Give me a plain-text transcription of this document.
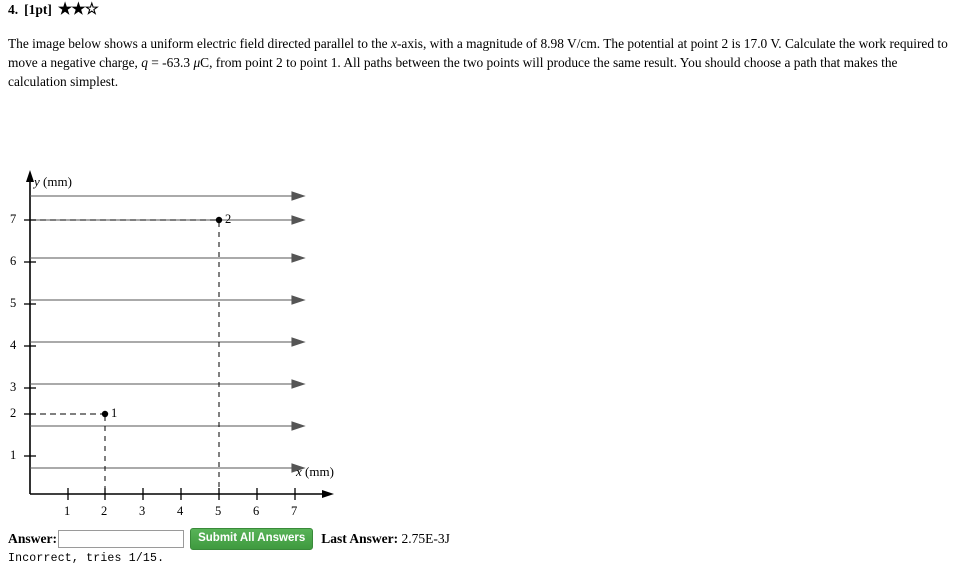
4. [1pt] ★ ★ ☆
The image below shows a uniform electric field directed parallel to the x-axis, with a magnitude of 8.98 V/cm. The potential at point 2 is 17.0 V. Calculate the work required to move a negative charge, q = -63.3 μC, from point 2 to point 1. All paths between the two points will produce the same result. You should choose a path that makes the calculation simplest.
y (mm)
x (mm)
7
6
5
4
3
2
1
1 2	3	4	5	6	7
2
1
Answer:	Submit All Answers	Last Answer: 2.75E-3J
Incorrect, tries 1/15.
